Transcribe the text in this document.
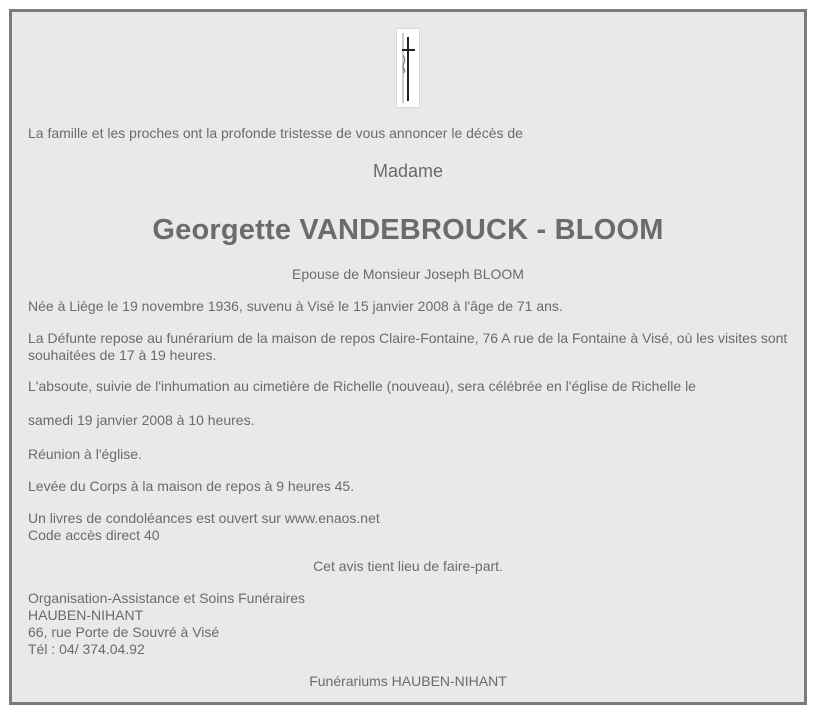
La famille et les proches ont la profonde tristesse de vous annoncer le décès de
Madame
Georgette VANDEBROUCK - BLOOM
Epouse de Monsieur Joseph BLOOM
Née à Liège le 19 novembre 1936, suvenu à Visé le 15 janvier 2008 à l'âge de 71 ans.
La Défunte repose au funérarium de la maison de repos Claire-Fontaine, 76 A rue de la Fontaine à Visé, où les visites sont souhaitées de 17 à 19 heures.
L'absoute, suivie de l'inhumation au cimetière de Richelle (nouveau), sera célébrée en l'église de Richelle le
samedi 19 janvier 2008 à 10 heures.
Réunion à l'église.
Levée du Corps à la maison de repos à 9 heures 45.
Un livres de condoléances est ouvert sur www.enaos.net
Code accès direct 40
Cet avis tient lieu de faire-part.
Organisation-Assistance et Soins Funéraires
HAUBEN-NIHANT
66, rue Porte de Souvré à Visé
Tél : 04/ 374.04.92
Funérariums HAUBEN-NIHANT
